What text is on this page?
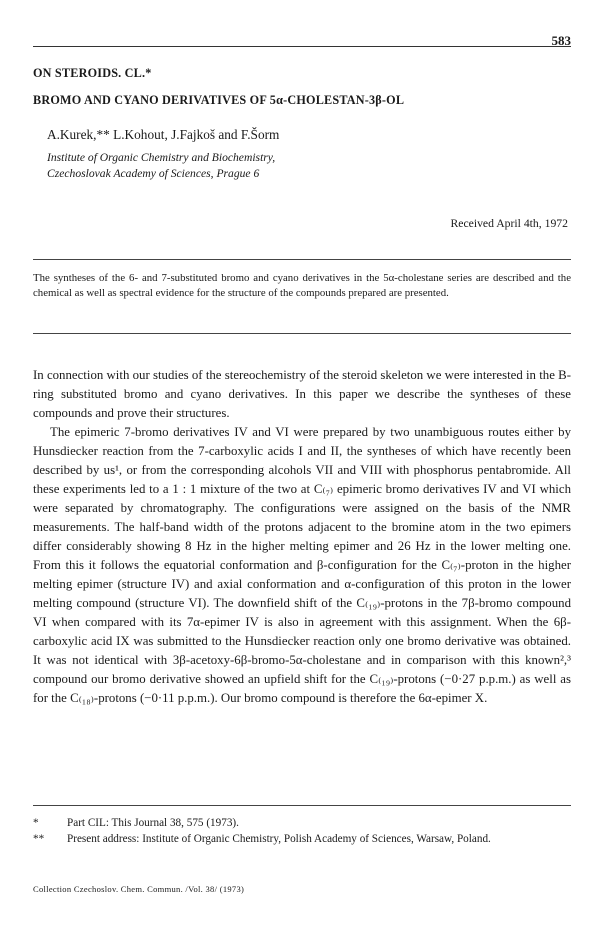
583
ON STEROIDS. CL.*
BROMO AND CYANO DERIVATIVES OF 5α-CHOLESTAN-3β-OL
A.Kurek,** L.Kohout, J.Fajkoš and F.Šorm
Institute of Organic Chemistry and Biochemistry,
Czechoslovak Academy of Sciences, Prague 6
Received April 4th, 1972
The syntheses of the 6- and 7-substituted bromo and cyano derivatives in the 5α-cholestane series are described and the chemical as well as spectral evidence for the structure of the compounds prepared are presented.

In connection with our studies of the stereochemistry of the steroid skeleton we were interested in the B-ring substituted bromo and cyano derivatives. In this paper we describe the syntheses of these compounds and prove their structures.

The epimeric 7-bromo derivatives IV and VI were prepared by two unambiguous routes either by Hunsdiecker reaction from the 7-carboxylic acids I and II, the syntheses of which have recently been described by us¹, or from the corresponding alcohols VII and VIII with phosphorus pentabromide. All these experiments led to a 1 : 1 mixture of the two at C₍₇₎ epimeric bromo derivatives IV and VI which were separated by chromatography. The configurations were assigned on the basis of the NMR measurements. The half-band width of the protons adjacent to the bromine atom in the two epimers differ considerably showing 8 Hz in the higher melting epimer and 26 Hz in the lower melting one. From this it follows the equatorial conformation and β-configuration for the C₍₇₎-proton in the higher melting epimer (structure IV) and axial conformation and α-configuration of this proton in the lower melting compound (structure VI). The downfield shift of the C₍₁₉₎-protons in the 7β-bromo compound VI when compared with its 7α-epimer IV is also in agreement with this assignment. When the 6β-carboxylic acid IX was submitted to the Hunsdiecker reaction only one bromo derivative was obtained. It was not identical with 3β-acetoxy-6β-bromo-5α-cholestane and in comparison with this known²,³ compound our bromo derivative showed an upfield shift for the C₍₁₉₎-protons (−0·27 p.p.m.) as well as for the C₍₁₈₎-protons (−0·11 p.p.m.). Our bromo compound is therefore the 6α-epimer X.

*	Part CIL: This Journal 38, 575 (1973).
** Present address: Institute of Organic Chemistry, Polish Academy of Sciences, Warsaw, Poland.
Collection Czechoslov. Chem. Commun. /Vol. 38/ (1973)
